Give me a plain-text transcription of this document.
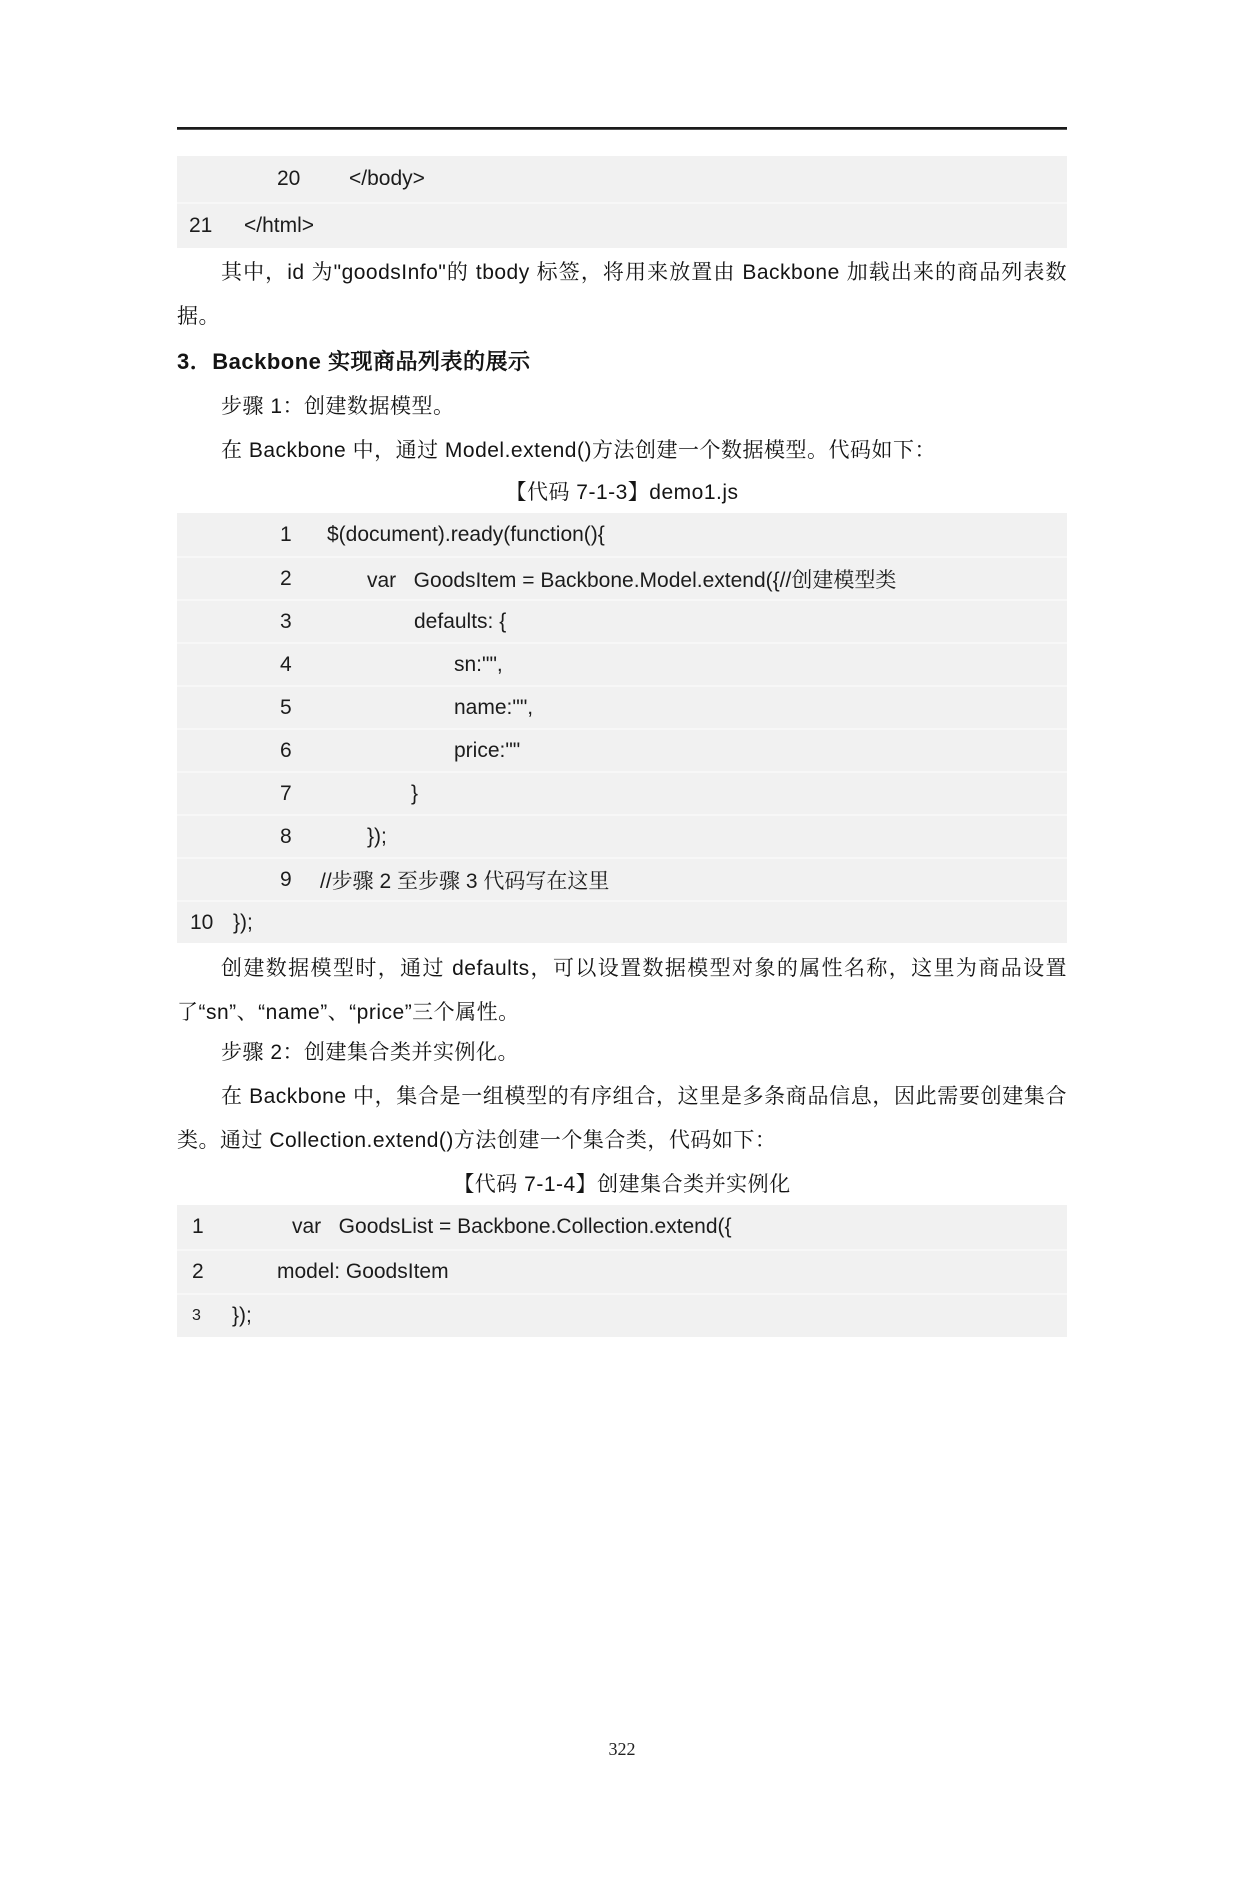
20 </body>
21 </html>

其中，id 为"goodsInfo"的 tbody 标签，将用来放置由 Backbone 加载出来的商品列表数据。

3．Backbone 实现商品列表的展示

步骤 1：创建数据模型。

在 Backbone 中，通过 Model.extend()方法创建一个数据模型。代码如下：

【代码 7-1-3】demo1.js

1 $(document).ready(function(){
2	var   GoodsItem = Backbone.Model.extend({//创建模型类
3	defaults: {
4	sn:"",
5	name:"",
6	price:""
7	}
8	});
9 //步骤 2 至步骤 3 代码写在这里
10 });

创建数据模型时，通过 defaults，可以设置数据模型对象的属性名称，这里为商品设置了“sn”、“name”、“price”三个属性。

步骤 2：创建集合类并实例化。

在 Backbone 中，集合是一组模型的有序组合，这里是多条商品信息，因此需要创建集合类。通过 Collection.extend()方法创建一个集合类，代码如下：

【代码 7-1-4】创建集合类并实例化

1	var   GoodsList = Backbone.Collection.extend({
2	model: GoodsItem
3 });
322
